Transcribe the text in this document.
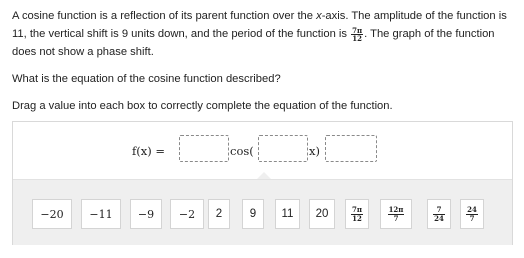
A cosine function is a reflection of its parent function over the x-axis. The amplitude of the function is 11, the vertical shift is 9 units down, and the period of the function is $\frac{7\pi}{12}$ . The graph of the function does not show a phase shift.
What is the equation of the cosine function described?
Drag a value into each box to correctly complete the equation of the function.
f(x) =	cos(	x)
−20	−11	−9	−2	2	9	11	20	$\frac{7\pi}{12}$	$\frac{12\pi}{7}$	$\frac{7}{24}$	$\frac{24}{7}$
